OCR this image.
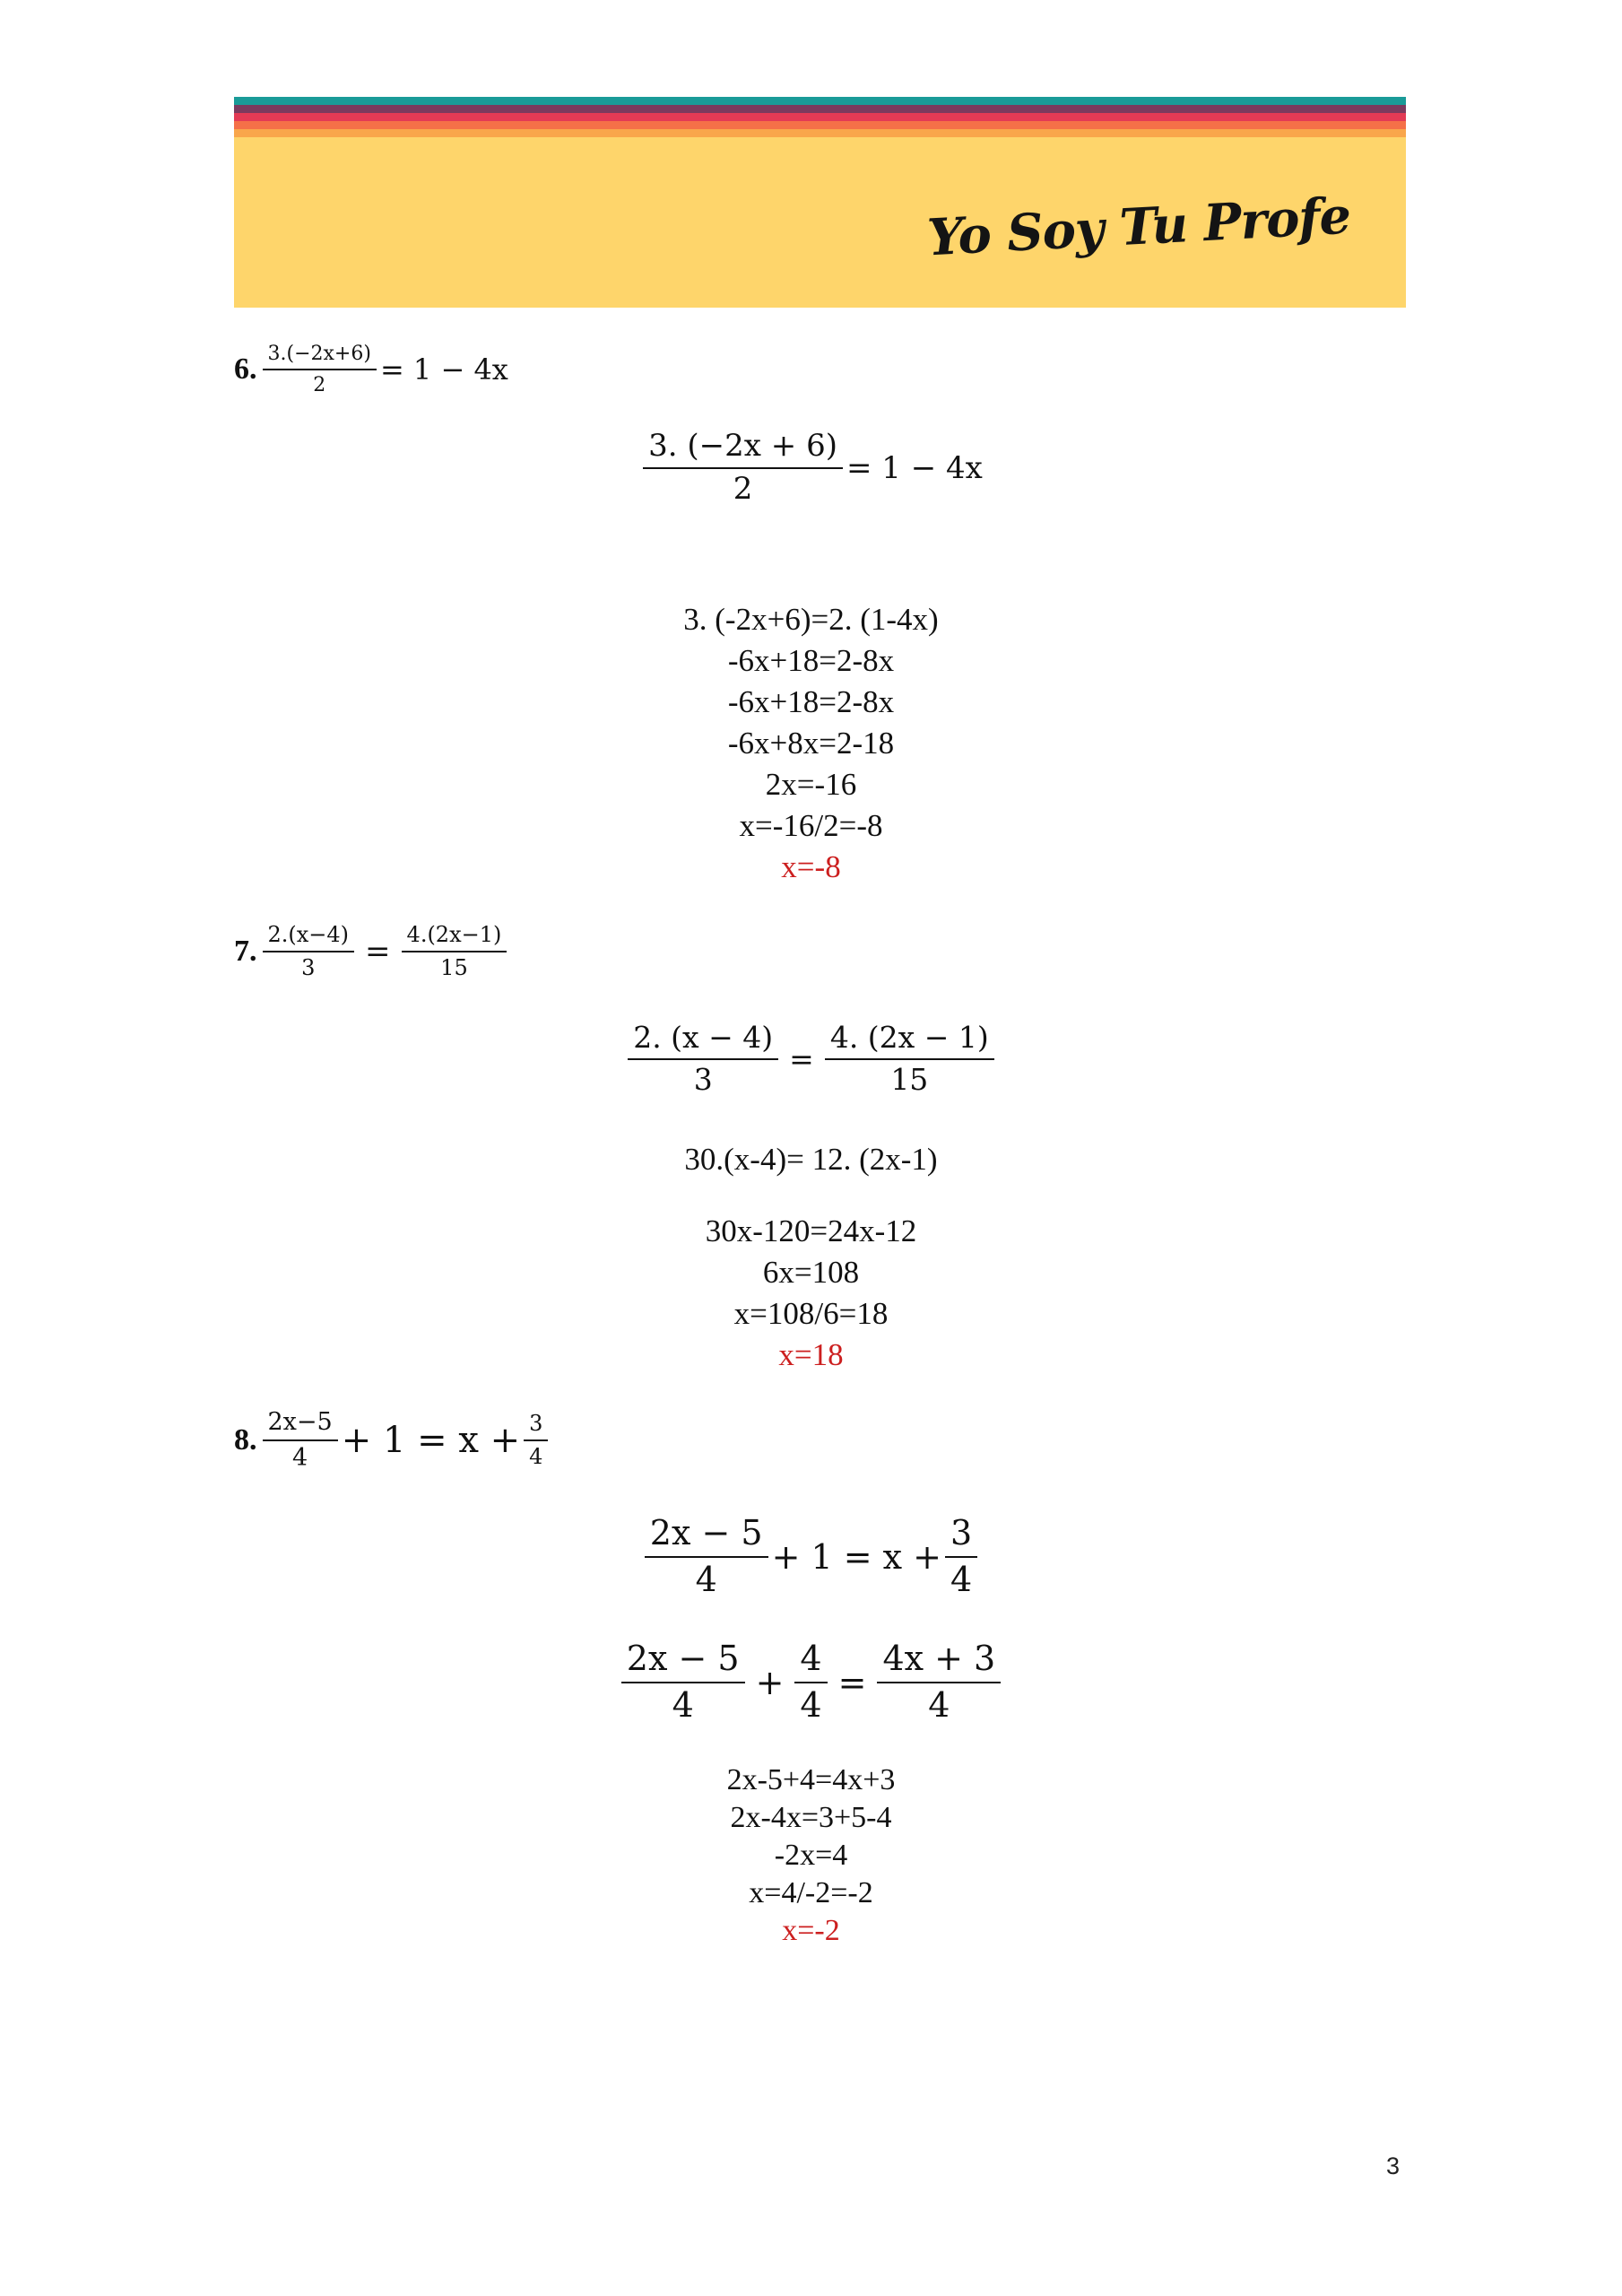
Yo Soy Tu Profe
6. $\frac{3.(-2x+6)}{2} = 1 - 4x$
$\frac{3. (-2x + 6)}{2} = 1 - 4x$
3. (-2x+6)=2. (1-4x)
-6x+18=2-8x
-6x+18=2-8x
-6x+8x=2-18
2x=-16
x=-16/2=-8
x=-8
7. $\frac{2.(x-4)}{3} = \frac{4.(2x-1)}{15}$
$\frac{2. (x - 4)}{3} = \frac{4. (2x - 1)}{15}$
30.(x-4)= 12. (2x-1)
30x-120=24x-12
6x=108
x=108/6=18
x=18
8. $\frac{2x-5}{4} + 1 = x + \frac{3}{4}$
$\frac{2x - 5}{4} + 1 = x + \frac{3}{4}$
$\frac{2x - 5}{4} + \frac{4}{4} = \frac{4x + 3}{4}$
2x-5+4=4x+3
2x-4x=3+5-4
-2x=4
x=4/-2=-2
x=-2
3
